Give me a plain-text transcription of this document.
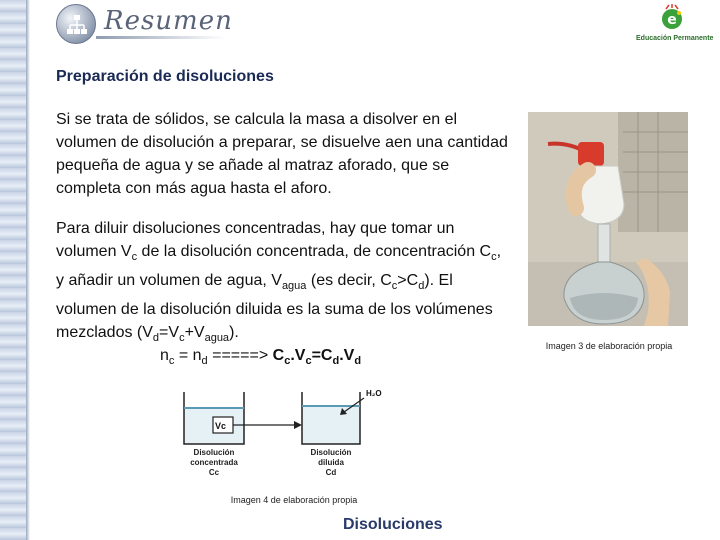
Resumen	e
Educación Permanente
Preparación de disoluciones
Si se trata de sólidos, se calcula la masa a disolver en el volumen de disolución a preparar, se disuelve aen una cantidad pequeña de agua y se añade al matraz aforado, que se completa con más agua hasta el aforo.
Para diluir disoluciones concentradas, hay que tomar un volumen $V_c$ de la disolución concentrada, de concentración $C_c$, y añadir un volumen de agua, $V_{agua}$ (es decir, $C_c>C_d$). El volumen de la disolución diluida es la suma de los volúmenes mezclados $(V_d=V_c+V_{agua})$.
Imagen 3 de elaboración propia
$n_c = n_d$ =====> $C_c.V_c=C_d.V_d$
Vc
H₂O
Disolución
concentrada
Cc
Disolución
diluida
Cd
Imagen 4 de elaboración propia
Disoluciones
